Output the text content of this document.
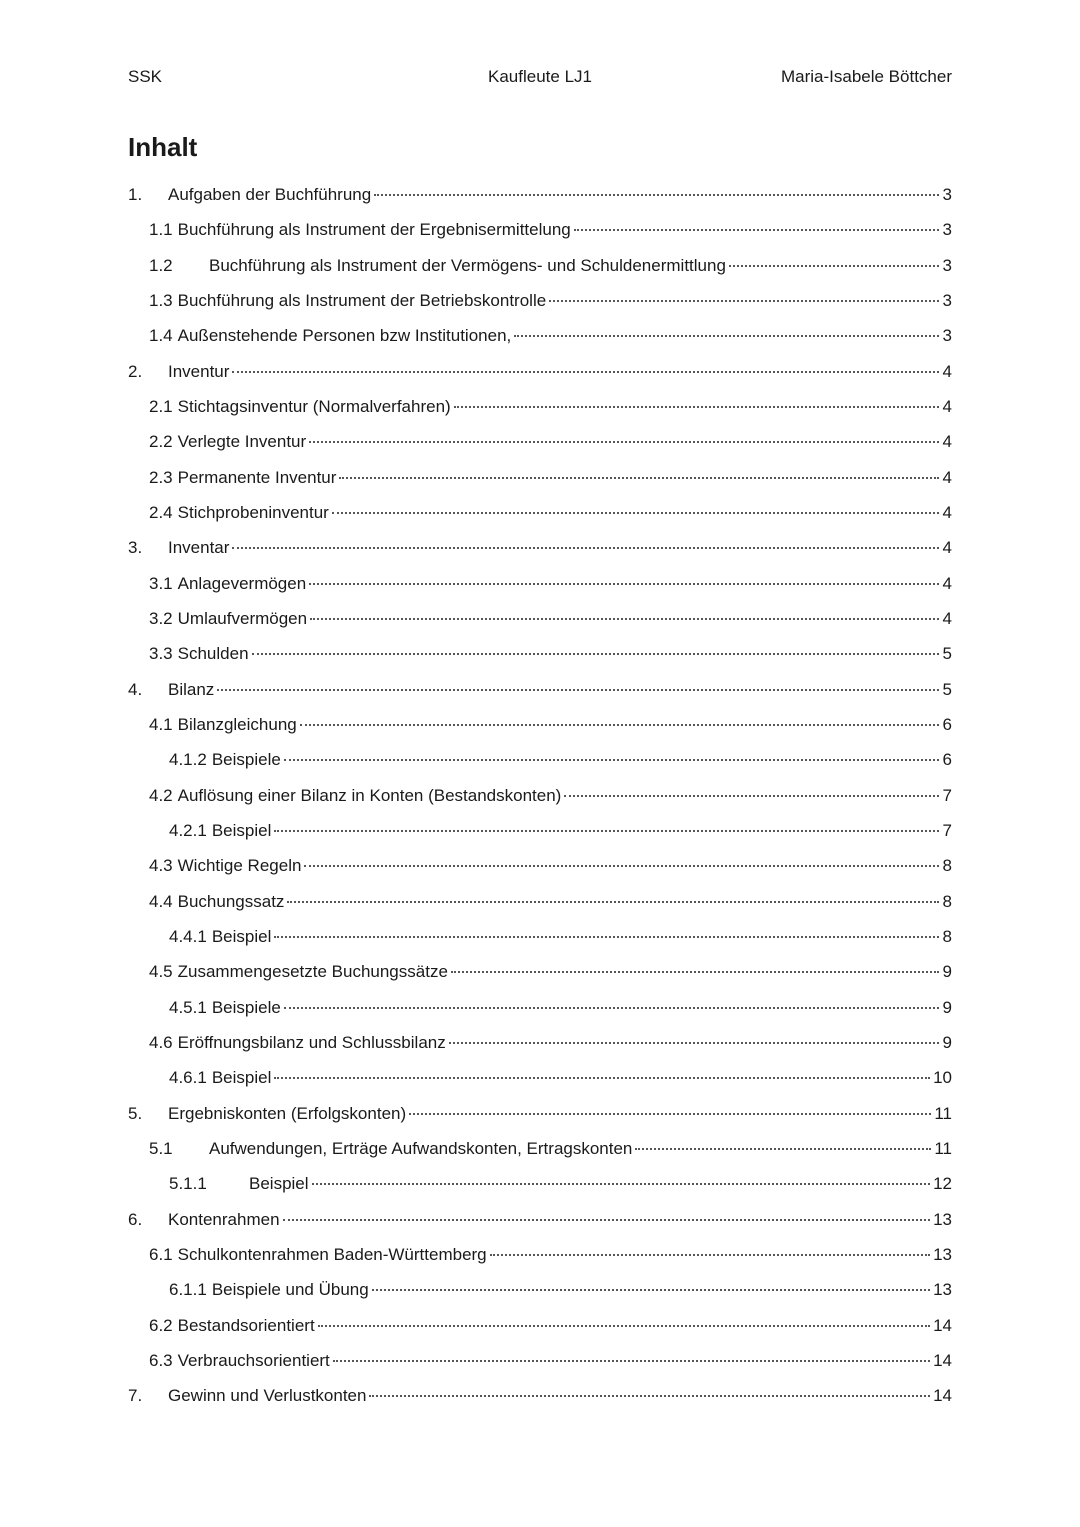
SSK	Kaufleute LJ1	Maria-Isabele Böttcher
Inhalt
1.	Aufgaben der Buchführung	3
1.1 Buchführung als Instrument der Ergebnisermittelung	3
1.2	Buchführung als Instrument der Vermögens- und Schuldenermittlung	3
1.3 Buchführung als Instrument der Betriebskontrolle	3
1.4 Außenstehende Personen bzw Institutionen,	3
2.	Inventur	4
2.1 Stichtagsinventur (Normalverfahren)	4
2.2 Verlegte Inventur	4
2.3 Permanente Inventur	4
2.4 Stichprobeninventur	4
3.	Inventar	4
3.1 Anlagevermögen	4
3.2 Umlaufvermögen	4
3.3 Schulden	5
4.	Bilanz	5
4.1 Bilanzgleichung	6
4.1.2 Beispiele	6
4.2 Auflösung einer Bilanz in Konten (Bestandskonten)	7
4.2.1 Beispiel	7
4.3 Wichtige Regeln	8
4.4 Buchungssatz	8
4.4.1 Beispiel	8
4.5 Zusammengesetzte Buchungssätze	9
4.5.1 Beispiele	9
4.6 Eröffnungsbilanz und Schlussbilanz	9
4.6.1 Beispiel	10
5.	Ergebniskonten (Erfolgskonten)	11
5.1	Aufwendungen, Erträge Aufwandskonten, Ertragskonten	11
5.1.1	Beispiel	12
6.	Kontenrahmen	13
6.1 Schulkontenrahmen Baden-Württemberg	13
6.1.1 Beispiele und Übung	13
6.2 Bestandsorientiert	14
6.3 Verbrauchsorientiert	14
7.	Gewinn und Verlustkonten	14
